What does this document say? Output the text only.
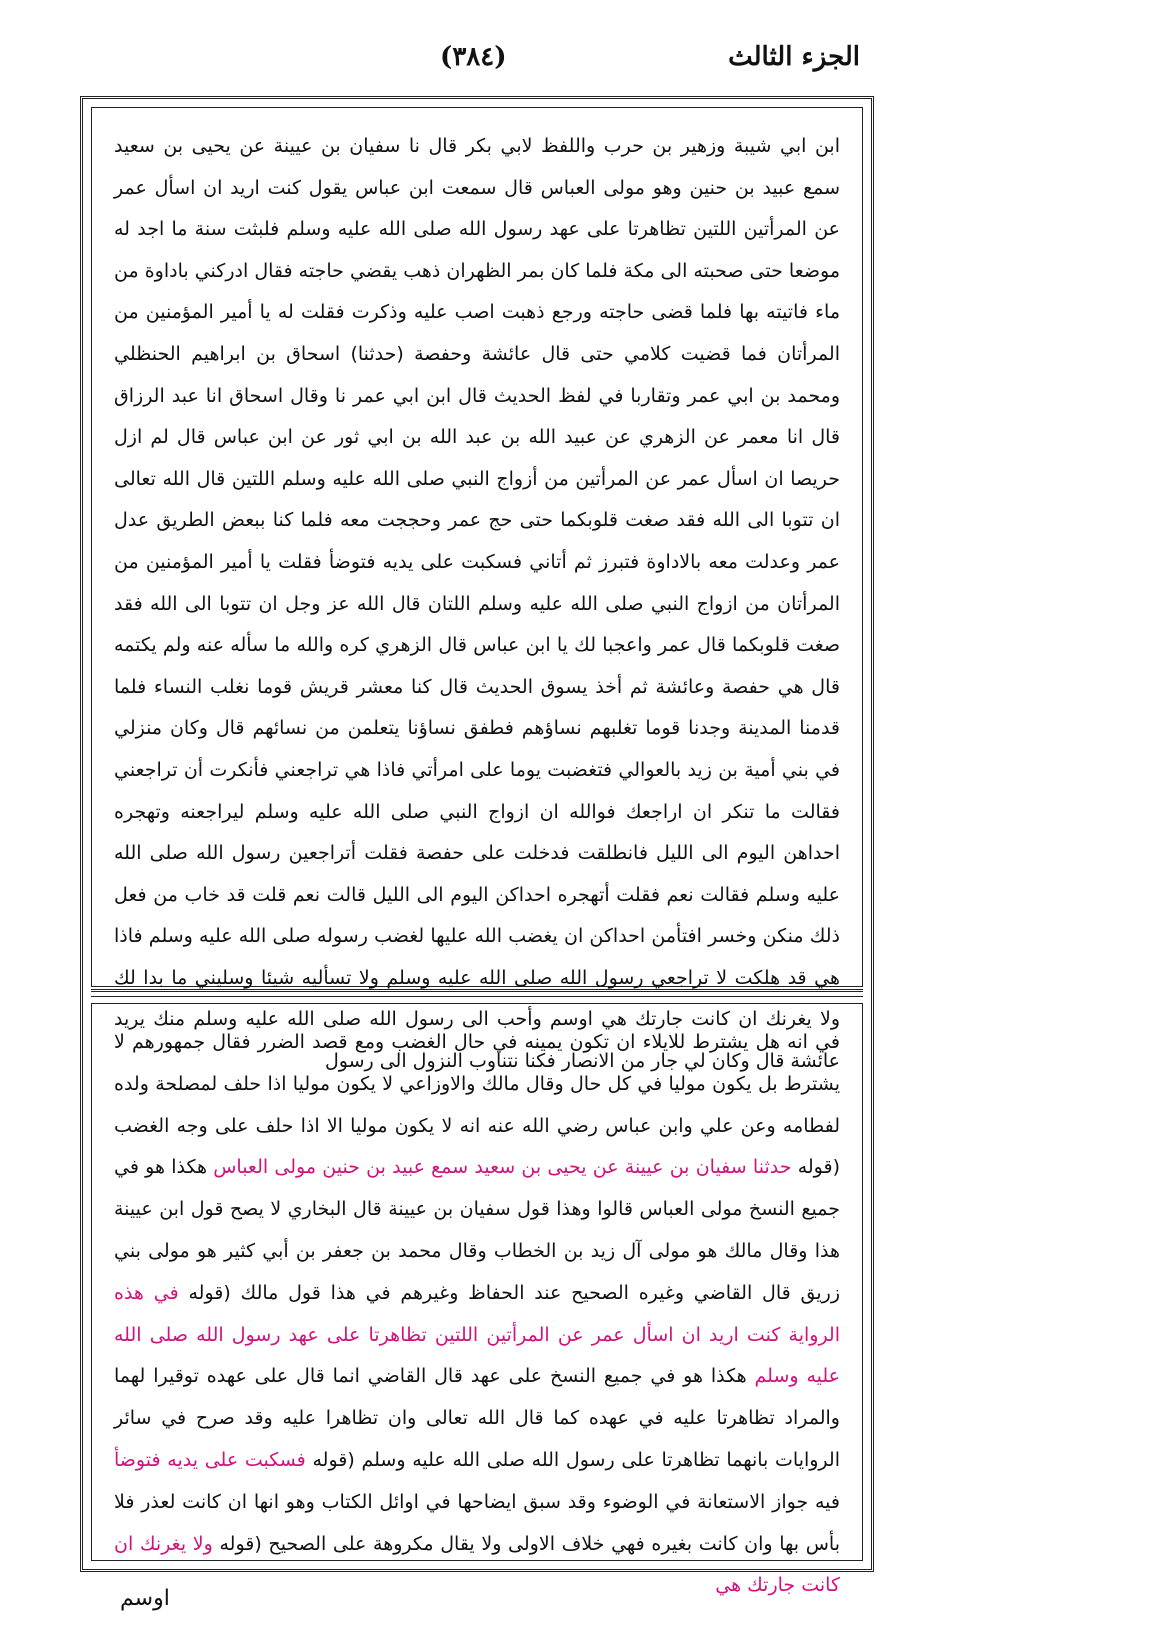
الجزء الثالث
(٣٨٤)

ابن ابي شيبة وزهير بن حرب واللفظ لابي بكر قال نا سفيان بن عيينة عن يحيى بن سعيد سمع عبيد بن حنين وهو مولى العباس قال سمعت ابن عباس يقول كنت اريد ان اسأل عمر عن المرأتين اللتين تظاهرتا على عهد رسول الله صلى الله عليه وسلم فلبثت سنة ما اجد له موضعا حتى صحبته الى مكة فلما كان بمر الظهران ذهب يقضي حاجته فقال ادركني باداوة من ماء فاتيته بها فلما قضى حاجته ورجع ذهبت اصب عليه وذكرت فقلت له يا أمير المؤمنين من المرأتان فما قضيت كلامي حتى قال عائشة وحفصة (حدثنا) اسحاق بن ابراهيم الحنظلي ومحمد بن ابي عمر وتقاربا في لفظ الحديث قال ابن ابي عمر نا وقال اسحاق انا عبد الرزاق قال انا معمر عن الزهري عن عبيد الله بن عبد الله بن ابي ثور عن ابن عباس قال لم ازل حريصا ان اسأل عمر عن المرأتين من أزواج النبي صلى الله عليه وسلم اللتين قال الله تعالى ان تتوبا الى الله فقد صغت قلوبكما حتى حج عمر وحججت معه فلما كنا ببعض الطريق عدل عمر وعدلت معه بالاداوة فتبرز ثم أتاني فسكبت على يديه فتوضأ فقلت يا أمير المؤمنين من المرأتان من ازواج النبي صلى الله عليه وسلم اللتان قال الله عز وجل ان تتوبا الى الله فقد صغت قلوبكما قال عمر واعجبا لك يا ابن عباس قال الزهري كره والله ما سأله عنه ولم يكتمه قال هي حفصة وعائشة ثم أخذ يسوق الحديث قال كنا معشر قريش قوما نغلب النساء فلما قدمنا المدينة وجدنا قوما تغلبهم نساؤهم فطفق نساؤنا يتعلمن من نسائهم قال وكان منزلي في بني أمية بن زيد بالعوالي فتغضبت يوما على امرأتي فاذا هي تراجعني فأنكرت أن تراجعني فقالت ما تنكر ان اراجعك فوالله ان ازواج النبي صلى الله عليه وسلم ليراجعنه وتهجره احداهن اليوم الى الليل فانطلقت فدخلت على حفصة فقلت أتراجعين رسول الله صلى الله عليه وسلم فقالت نعم فقلت أتهجره احداكن اليوم الى الليل قالت نعم قلت قد خاب من فعل ذلك منكن وخسر افتأمن احداكن ان يغضب الله عليها لغضب رسوله صلى الله عليه وسلم فاذا هي قد هلكت لا تراجعي رسول الله صلى الله عليه وسلم ولا تسأليه شيئا وسليني ما بدا لك ولا يغرنك ان كانت جارتك هي اوسم وأحب الى رسول الله صلى الله عليه وسلم منك يريد عائشة قال وكان لي جار من الانصار فكنا نتناوب النزول الى رسول

في انه هل يشترط للايلاء ان تكون يمينه في حال الغضب ومع قصد الضرر فقال جمهورهم لا يشترط بل يكون موليا في كل حال وقال مالك والاوزاعي لا يكون موليا اذا حلف لمصلحة ولده لفطامه وعن علي وابن عباس رضي الله عنه انه لا يكون موليا الا اذا حلف على وجه الغضب (قوله حدثنا سفيان بن عيينة عن يحيى بن سعيد سمع عبيد بن حنين مولى العباس هكذا هو في جميع النسخ مولى العباس قالوا وهذا قول سفيان بن عيينة قال البخاري لا يصح قول ابن عيينة هذا وقال مالك هو مولى آل زيد بن الخطاب وقال محمد بن جعفر بن أبي كثير هو مولى بني زريق قال القاضي وغيره الصحيح عند الحفاظ وغيرهم في هذا قول مالك (قوله في هذه الرواية كنت اريد ان اسأل عمر عن المرأتين اللتين تظاهرتا على عهد رسول الله صلى الله عليه وسلم هكذا هو في جميع النسخ على عهد قال القاضي انما قال على عهده توقيرا لهما والمراد تظاهرتا عليه في عهده كما قال الله تعالى وان تظاهرا عليه وقد صرح في سائر الروايات بانهما تظاهرتا على رسول الله صلى الله عليه وسلم (قوله فسكبت على يديه فتوضأ فيه جواز الاستعانة في الوضوء وقد سبق ايضاحها في اوائل الكتاب وهو انها ان كانت لعذر فلا بأس بها وان كانت بغيره فهي خلاف الاولى ولا يقال مكروهة على الصحيح (قوله ولا يغرنك ان كانت جارتك هي

اوسم
